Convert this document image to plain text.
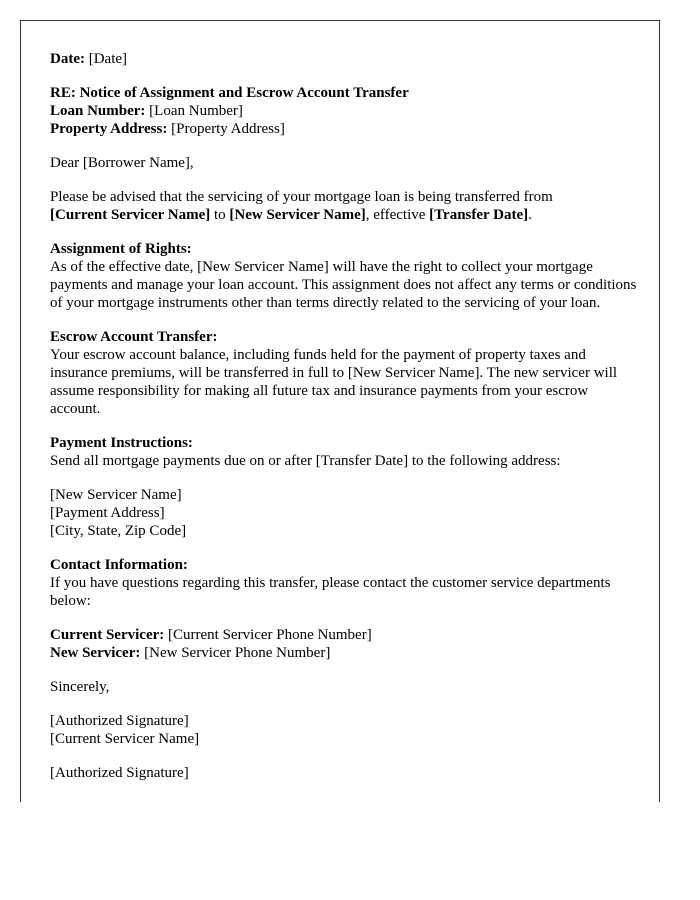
Date: [Date]

RE: Notice of Assignment and Escrow Account Transfer
Loan Number: [Loan Number]
Property Address: [Property Address]

Dear [Borrower Name],

Please be advised that the servicing of your mortgage loan is being transferred from
[Current Servicer Name] to [New Servicer Name], effective [Transfer Date].

Assignment of Rights:
As of the effective date, [New Servicer Name] will have the right to collect your mortgage payments and manage your loan account. This assignment does not affect any terms or conditions of your mortgage instruments other than terms directly related to the servicing of your loan.

Escrow Account Transfer:
Your escrow account balance, including funds held for the payment of property taxes and insurance premiums, will be transferred in full to [New Servicer Name]. The new servicer will assume responsibility for making all future tax and insurance payments from your escrow account.

Payment Instructions:
Send all mortgage payments due on or after [Transfer Date] to the following address:

[New Servicer Name]
[Payment Address]
[City, State, Zip Code]

Contact Information:
If you have questions regarding this transfer, please contact the customer service departments below:

Current Servicer: [Current Servicer Phone Number]
New Servicer: [New Servicer Phone Number]

Sincerely,

[Authorized Signature]
[Current Servicer Name]

[Authorized Signature]
